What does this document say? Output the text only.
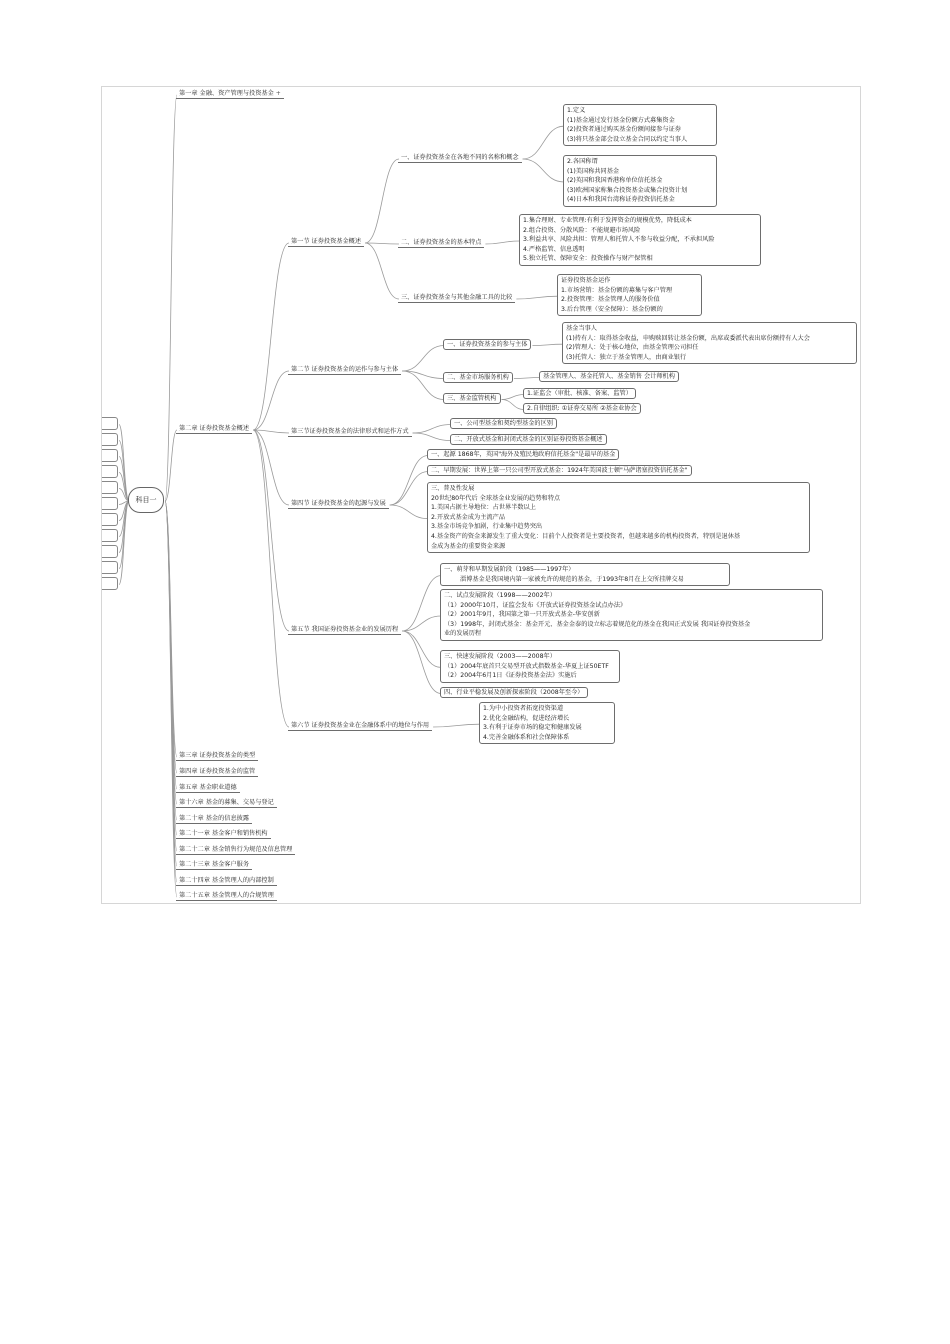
科目一
第一章 金融、资产管理与投资基金 +
第二章 证券投资基金概述
第一节 证券投资基金概述
一、证券投资基金在各地不同的名称和概念
1.定义
(1)基金通过发行基金份额方式募集资金
(2)投资者通过购买基金份额间接参与证券
(3)将只基金部会设立基金合同以约定当事人
2.各国称谓
(1)美国称共同基金
(2)英国和我国香港称单位信托基金
(3)欧洲国家称集合投资基金或集合投资计划
(4)日本和我国台湾称证券投资信托基金
二、证券投资基金的基本特点
1.集合理财、专业管理:有利于发挥资金的规模优势，降低成本
2.组合投资、分散风险：不能规避市场风险
3.利益共享、风险共担：管理人和托管人不参与收益分配，不承担风险
4.严格监管、信息透明
5.独立托管、保障安全：投资操作与财产保管相
三、证券投资基金与其他金融工具的比较
证券投资基金运作
1.市场营销：基金份额的募集与客户管理
2.投资管理：基金管理人的服务价值
3.后台管理（安全保障）：基金份额的
第二节 证券投资基金的运作与参与主体
一、证券投资基金的参与主体
基金当事人
(1)持有人：取得基金收益，申购赎回转让基金份额，出席或委派代表出席份额持有人大会
(2)管理人：处于核心地位，由基金管理公司担任
(3)托管人：独立于基金管理人，由商业银行
二、基金市场服务机构	基金管理人、基金托管人、基金销售 会计师机构
三、基金监管机构
1.证监会（审批、核准、备案、监管）
2.自律组织: ①证券交易所 ②基金业协会
第三节证券投资基金的法律形式和运作方式
一、公司型基金和契约型基金的区别
二、开放式基金和封闭式基金的区别证券投资基金概述
第四节 证券投资基金的起源与发展
一、起源 1868年，英国"海外及殖民地政府信托基金"是最早的基金
二、早期发展：世界上第一只公司型开放式基金：1924年美国波士顿"马萨诸塞投资信托基金"
三、普及性发展
20世纪80年代后 全球基金业发展的趋势和特点
1.美国占据主导地位：占世界半数以上
2.开放式基金成为主流产品
3.基金市场竞争加剧，行业集中趋势突出
4.基金资产的资金来源发生了重大变化：目前个人投资者是主要投资者，但越来越多的机构投资者，特别是退休基
金成为基金的重要资金来源
第五节 我国证券投资基金业的发展历程
一、萌芽和早期发展阶段（1985——1997年）
淄博基金是我国境内第一家被允许的规范的基金，于1993年8月在上交所挂牌交易
二、试点发展阶段（1998——2002年）
（1）2000年10月，证监会发布《开放式证券投资基金试点办法》
（2）2001年9月，我国第之第一只开放式基金-华安创新
（3）1998年，封闭式基金：基金开元、基金金泰的设立标志着规范化的基金在我国正式发展 我国证券投资基金
业的发展历程
三、快速发展阶段（2003——2008年）
（1）2004年底首只交易型开放式指数基金-华夏上证50ETF
（2）2004年6月1日《证券投资基金法》实施后
四、行业平稳发展及创新探索阶段（2008年至今）
第六节 证券投资基金业在金融体系中的地位与作用
1.为中小投资者拓宽投资渠道
2.优化金融结构，促进经济增长
3.有利于证券市场的稳定和健康发展
4.完善金融体系和社会保障体系
第三章 证券投资基金的类型
第四章 证券投资基金的监管
第五章 基金职业道德
第十六章 基金的募集、交易与登记
第二十章 基金的信息披露
第二十一章 基金客户和销售机构
第二十二章 基金销售行为规范及信息管理
第二十三章 基金客户服务
第二十四章 基金管理人的内部控制
第二十五章 基金管理人的合规管理
